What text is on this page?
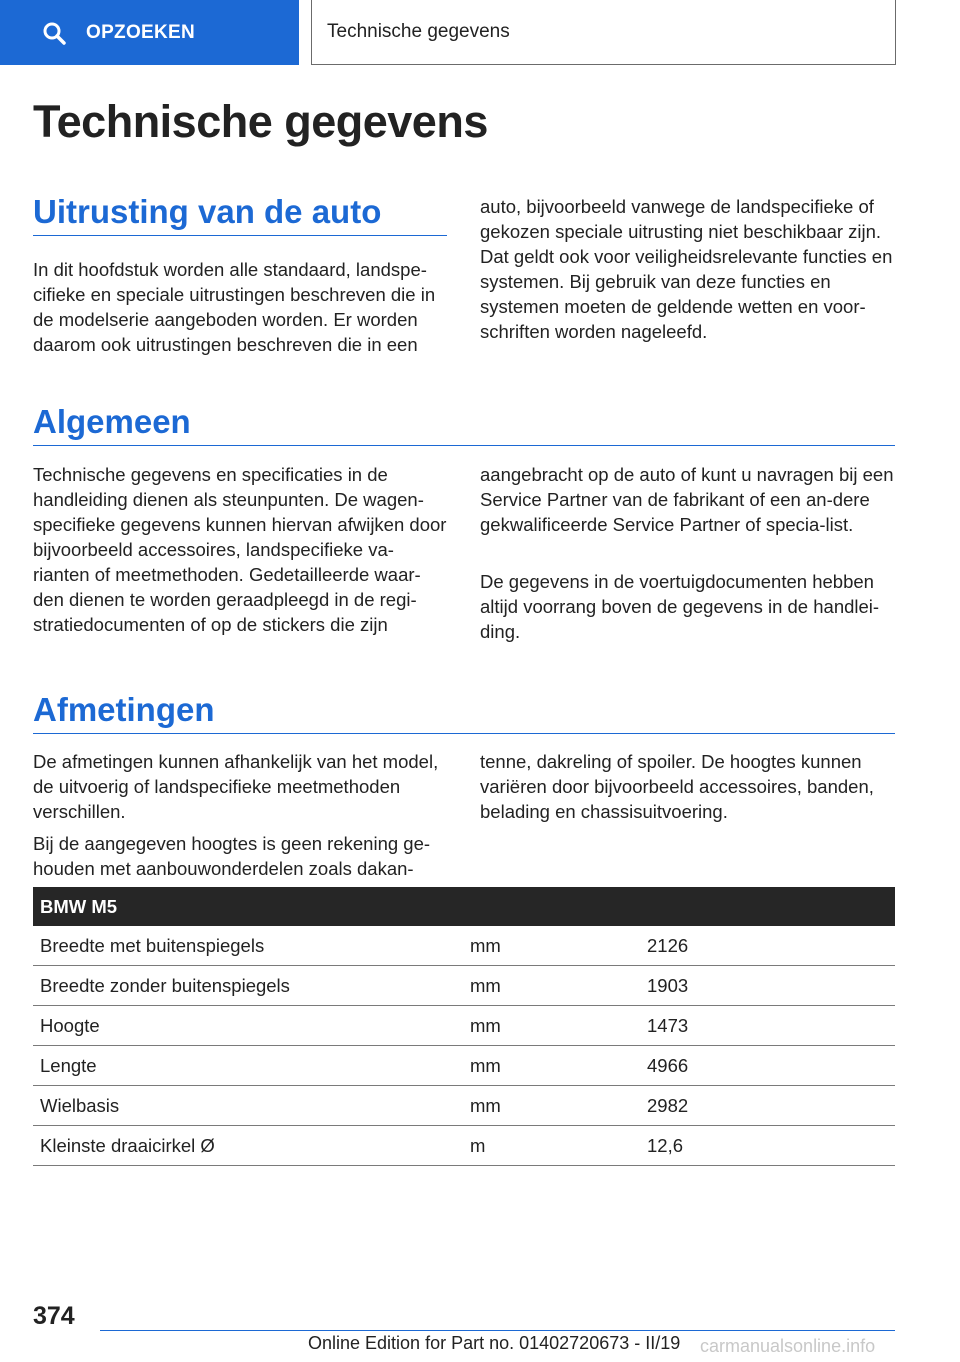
OPZOEKEN	Technische gegevens
Technische gegevens
Uitrusting van de auto

In dit hoofdstuk worden alle standaard, landspe-cifieke en speciale uitrustingen beschreven die in de modelserie aangeboden worden. Er worden daarom ook uitrustingen beschreven die in een

auto, bijvoorbeeld vanwege de landspecifieke of gekozen speciale uitrusting niet beschikbaar zijn. Dat geldt ook voor veiligheidsrelevante functies en systemen. Bij gebruik van deze functies en systemen moeten de geldende wetten en voor-schriften worden nageleefd.

Algemeen

Technische gegevens en specificaties in de handleiding dienen als steunpunten. De wagen-specifieke gegevens kunnen hiervan afwijken door bijvoorbeeld accessoires, landspecifieke va-rianten of meetmethoden. Gedetailleerde waar-den dienen te worden geraadpleegd in de regi-stratiedocumenten of op de stickers die zijn

aangebracht op de auto of kunt u navragen bij een Service Partner van de fabrikant of een an-dere gekwalificeerde Service Partner of specia-list.

De gegevens in de voertuigdocumenten hebben altijd voorrang boven de gegevens in de handlei-ding.

Afmetingen

De afmetingen kunnen afhankelijk van het model, de uitvoerig of landspecifieke meetmethoden verschillen.

Bij de aangegeven hoogtes is geen rekening ge-houden met aanbouwonderdelen zoals dakan-

tenne, dakreling of spoiler. De hoogtes kunnen variëren door bijvoorbeeld accessoires, banden, belading en chassisuitvoering.

BMW M5		
Breedte met buitenspiegels	mm	2126
Breedte zonder buitenspiegels	mm	1903
Hoogte	mm	1473
Lengte	mm	4966
Wielbasis	mm	2982
Kleinste draaicirkel Ø	m	12,6
374
Online Edition for Part no. 01402720673 - II/19 carmanualsonline.info
